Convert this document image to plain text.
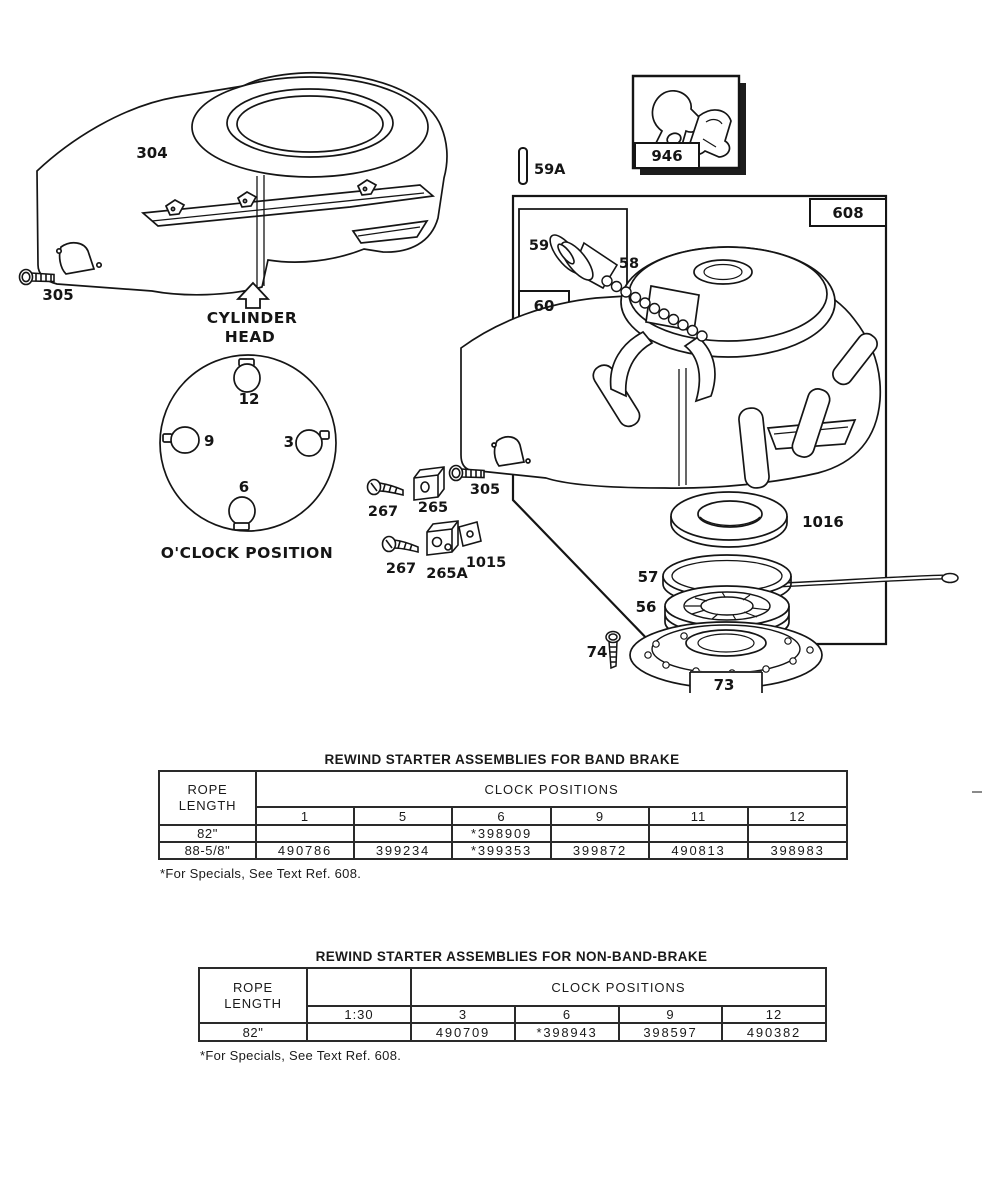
304
305
CYLINDER
HEAD
12
9	3
6
O'CLOCK POSITION
59A
946
608
59
58
60
305
267 265
267 265A
1015
1016
57
56
74
73
REWIND STARTER ASSEMBLIES FOR BAND BRAKE
ROPE
LENGTH	CLOCK POSITIONS					
	1	5	6	9	11	12
82"			*398909			
88-5/8"	490786	399234	*399353	399872	490813	398983
*For Specials, See Text Ref. 608.
REWIND STARTER ASSEMBLIES FOR NON-BAND-BRAKE
ROPE
LENGTH		CLOCK POSITIONS			
	1:30	3	6	9	12
82"		490709	*398943	398597	490382
*For Specials, See Text Ref. 608.
